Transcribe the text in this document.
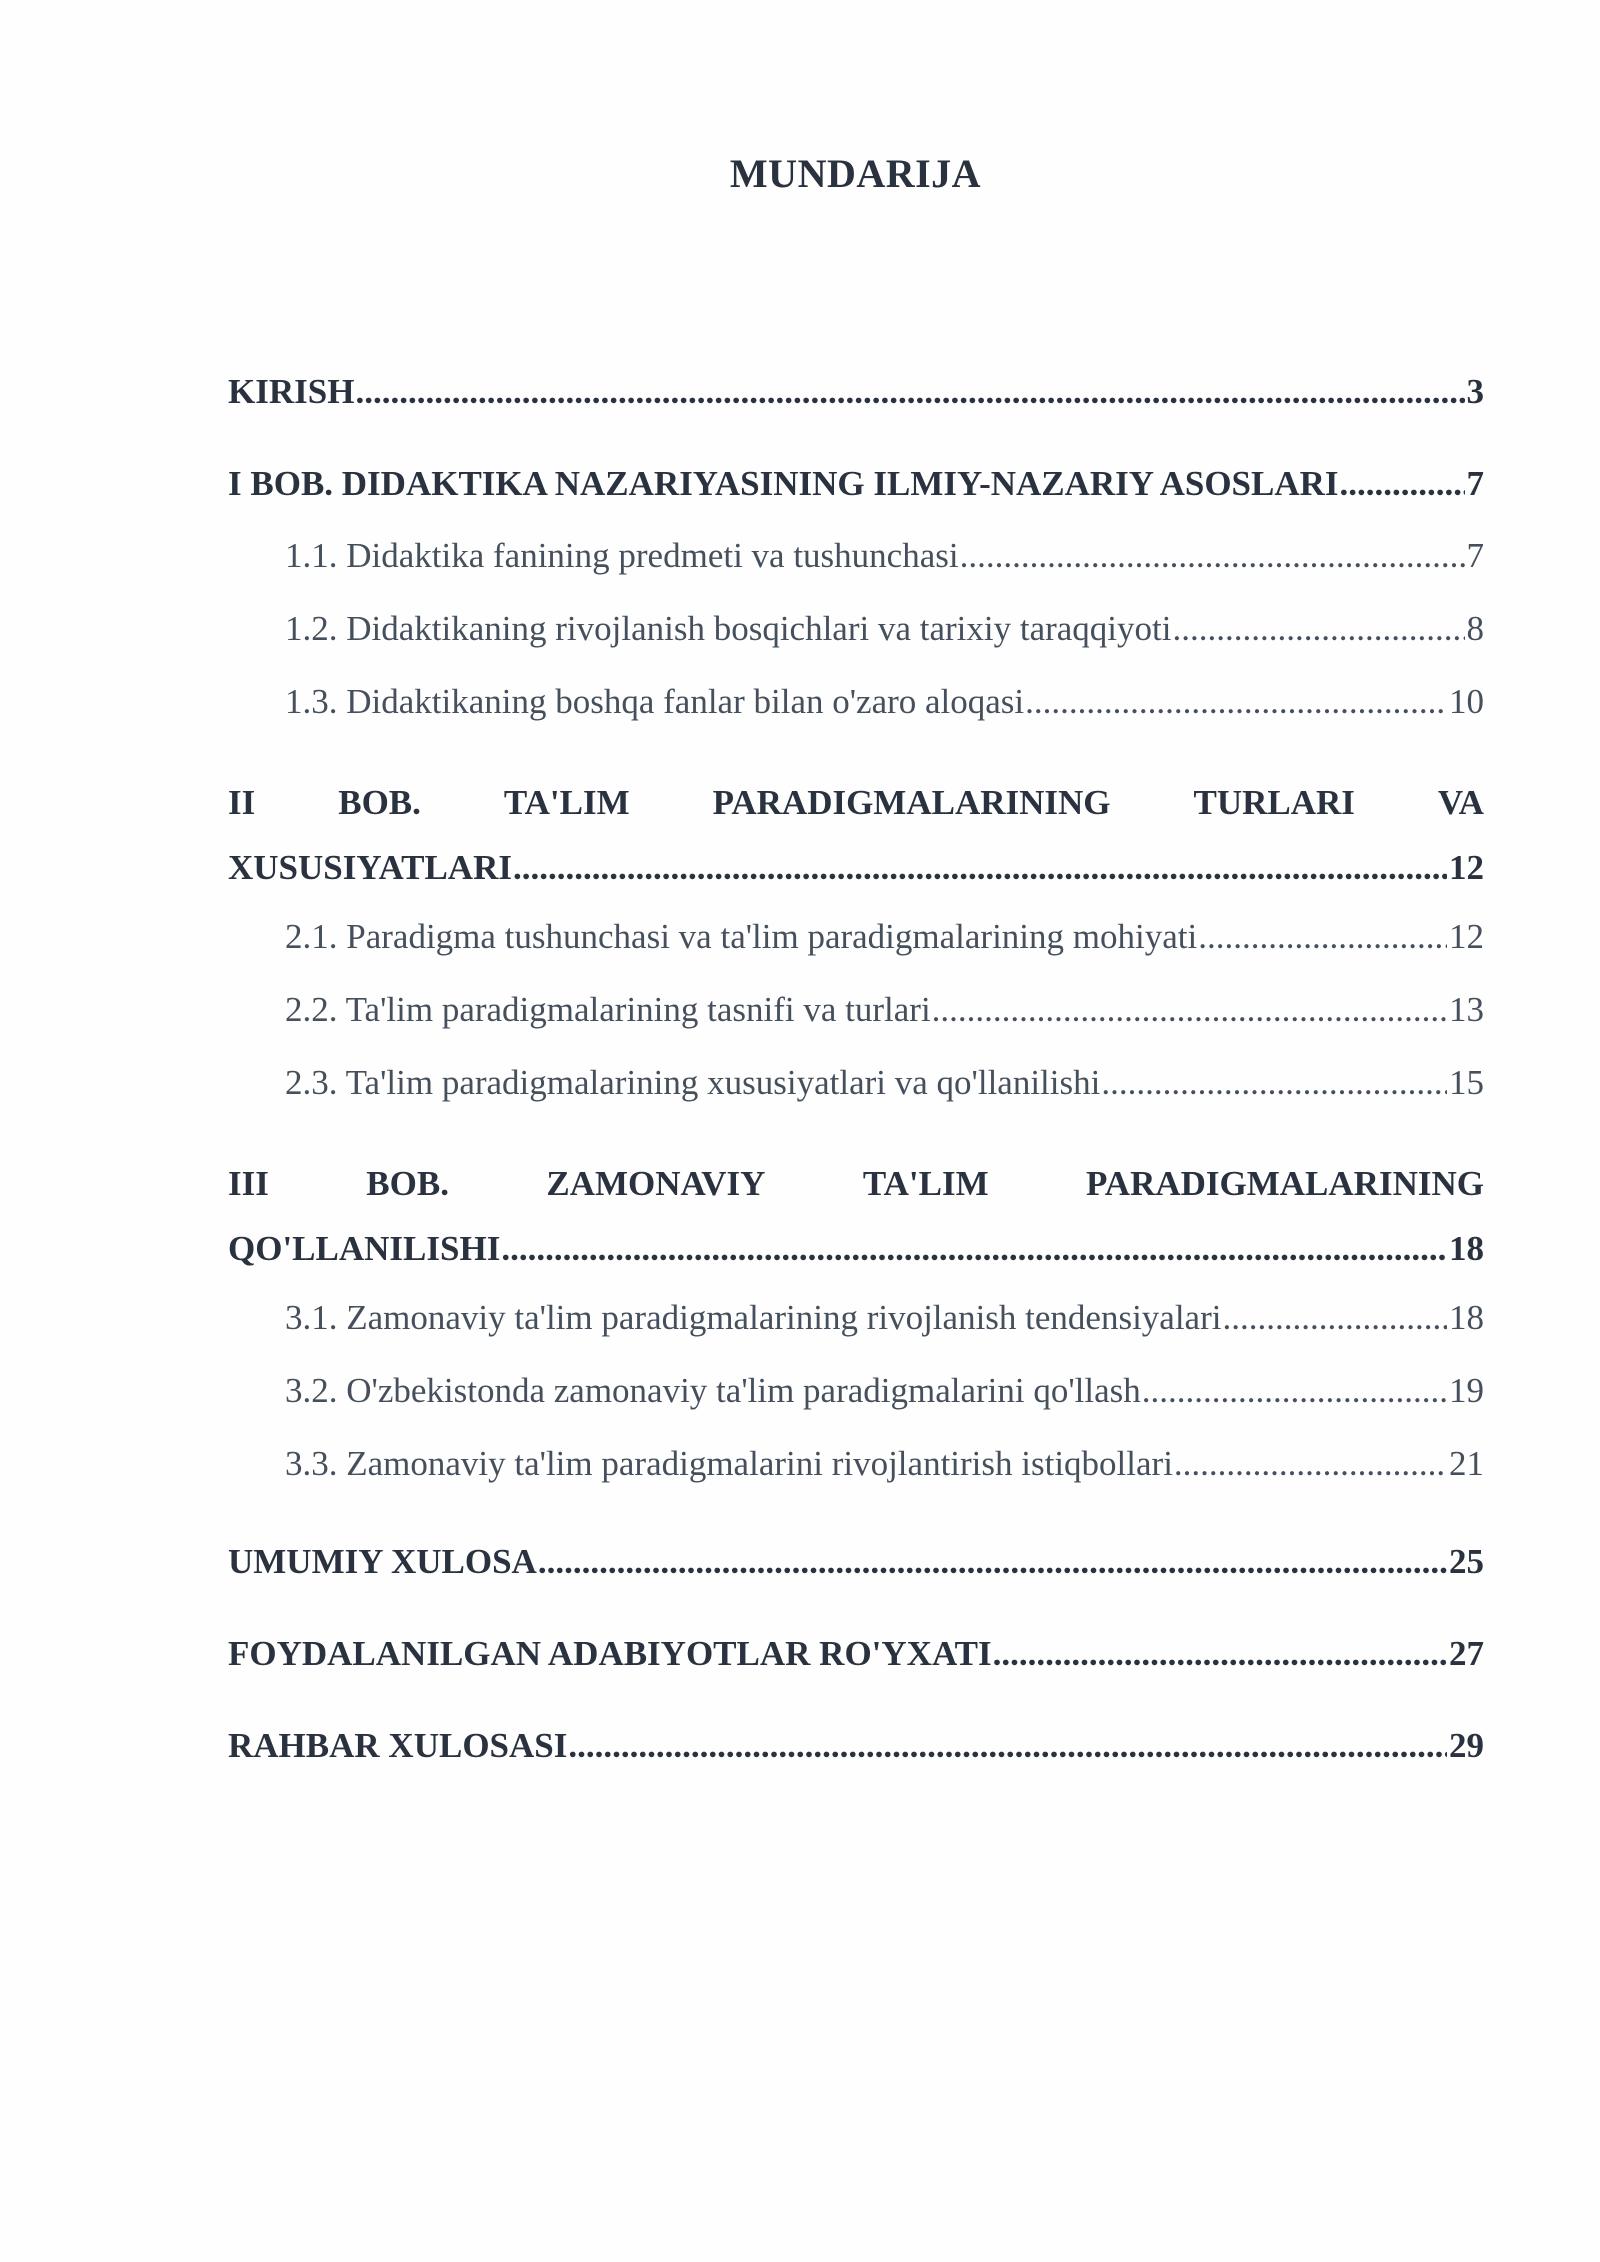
MUNDARIJA
KIRISH .....	3
I BOB. DIDAKTIKA NAZARIYASINING ILMIY-NAZARIY ASOSLARI .....	7
1.1. Didaktika fanining predmeti va tushunchasi .....	7
1.2. Didaktikaning rivojlanish bosqichlari va tarixiy taraqqiyoti .....	8
1.3. Didaktikaning boshqa fanlar bilan o'zaro aloqasi .....	10
II BOB. TA'LIM PARADIGMALARINING TURLARI VA
XUSUSIYATLARI .....	12
2.1. Paradigma tushunchasi va ta'lim paradigmalarining mohiyati .....	12
2.2. Ta'lim paradigmalarining tasnifi va turlari .....	13
2.3. Ta'lim paradigmalarining xususiyatlari va qo'llanilishi .....	15
III	BOB.	ZAMONAVIY	TA'LIM	PARADIGMALARINING
QO'LLANILISHI .....	18
3.1. Zamonaviy ta'lim paradigmalarining rivojlanish tendensiyalari .....	18
3.2. O'zbekistonda zamonaviy ta'lim paradigmalarini qo'llash .....	19
3.3. Zamonaviy ta'lim paradigmalarini rivojlantirish istiqbollari .....	21
UMUMIY XULOSA .....	25
FOYDALANILGAN ADABIYOTLAR RO'YXATI .....	27
RAHBAR XULOSASI .....	29
